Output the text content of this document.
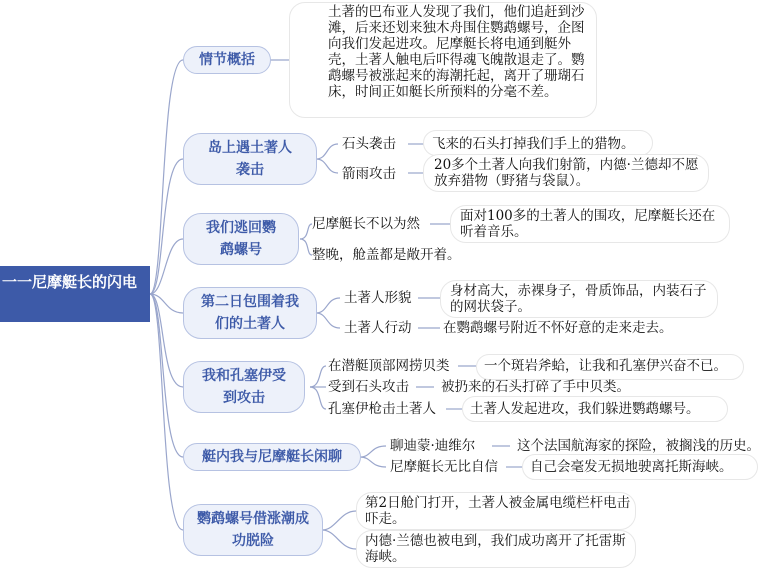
一一尼摩艇长的闪电
情节概括
土著的巴布亚人发现了我们，他们追赶到沙滩，后来还划来独木舟围住鹦鹉螺号，企图向我们发起进攻。尼摩艇长将电通到艇外壳，土著人触电后吓得魂飞魄散退走了。鹦鹉螺号被涨起来的海潮托起，离开了珊瑚石床，时间正如艇长所预料的分毫不差。
岛上遇土著人袭击
石头袭击	飞来的石头打掉我们手上的猎物。
箭雨攻击
20多个土著人向我们射箭，内德·兰德却不愿放弃猎物（野猪与袋鼠）。
我们逃回鹦鹉螺号
尼摩艇长不以为然	面对100多的土著人的围攻，尼摩艇长还在听着音乐。
整晚，舱盖都是敞开着。
第二日包围着我们的土著人
土著人形貌	身材高大，赤裸身子，骨质饰品，内装石子的网状袋子。
土著人行动 在鹦鹉螺号附近不怀好意的走来走去。
我和孔塞伊受到攻击
在潜艇顶部网捞贝类	一个斑岩斧蛤，让我和孔塞伊兴奋不已。
受到石头攻击 被扔来的石头打碎了手中贝类。
孔塞伊枪击土著人	土著人发起进攻，我们躲进鹦鹉螺号。
艇内我与尼摩艇长闲聊
聊迪蒙·迪维尔	这个法国航海家的探险，被搁浅的历史。
尼摩艇长无比自信 自己会毫发无损地驶离托斯海峡。
鹦鹉螺号借涨潮成功脱险
第2日舱门打开，土著人被金属电缆栏杆电击吓走。
内德·兰德也被电到，我们成功离开了托雷斯海峡。
